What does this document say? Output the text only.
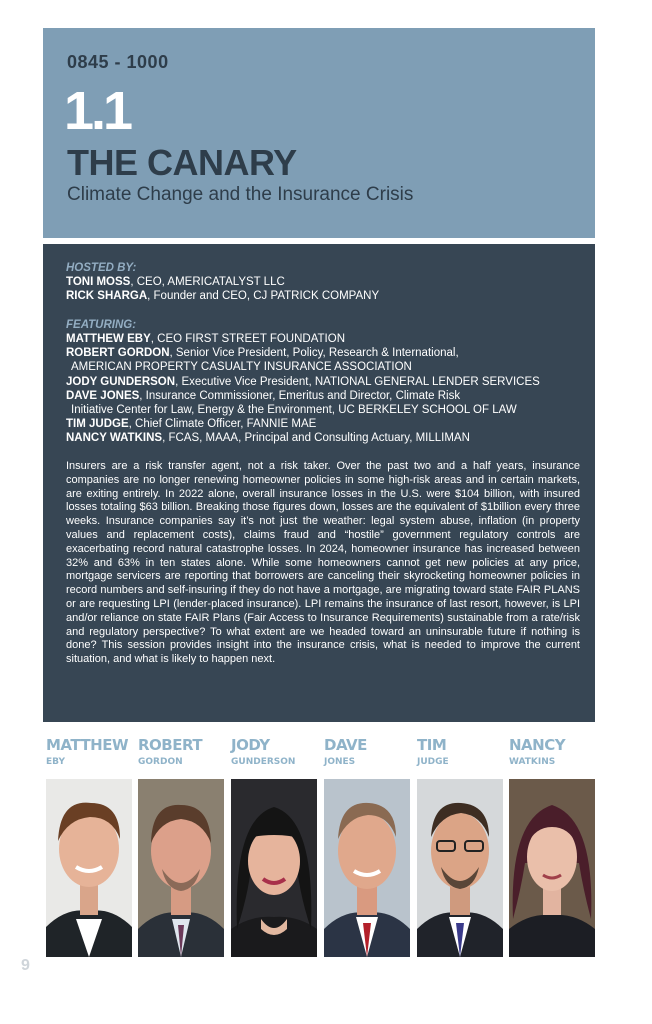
0845 - 1000
1.1
THE CANARY
Climate Change and the Insurance Crisis
HOSTED BY:
TONI MOSS, CEO, AMERICATALYST LLC
RICK SHARGA, Founder and CEO, CJ PATRICK COMPANY
FEATURING:
MATTHEW EBY, CEO FIRST STREET FOUNDATION
ROBERT GORDON, Senior Vice President, Policy, Research & International,
AMERICAN PROPERTY CASUALTY INSURANCE ASSOCIATION
JODY GUNDERSON, Executive Vice President, NATIONAL GENERAL LENDER SERVICES
DAVE JONES, Insurance Commissioner, Emeritus and Director, Climate Risk
Initiative Center for Law, Energy & the Environment, UC BERKELEY SCHOOL OF LAW
TIM JUDGE, Chief Climate Officer, FANNIE MAE
NANCY WATKINS, FCAS, MAAA, Principal and Consulting Actuary, MILLIMAN
Insurers are a risk transfer agent, not a risk taker. Over the past two and a half years, insurance companies are no longer renewing homeowner policies in some high-risk areas and in certain markets, are exiting entirely. In 2022 alone, overall insurance losses in the U.S. were $104 billion, with insured losses totaling $63 billion. Breaking those figures down, losses are the equivalent of $1billion every three weeks. Insurance companies say it’s not just the weather: legal system abuse, inflation (in property values and replacement costs), claims fraud and “hostile” government regulatory controls are exacerbating record natural catastrophe losses. In 2024, homeowner insurance has increased between 32% and 63% in ten states alone. While some homeowners cannot get new policies at any price, mortgage servicers are reporting that borrowers are canceling their skyrocketing homeowner policies in record numbers and self-insuring if they do not have a mortgage, are migrating toward state FAIR PLANS or are requesting LPI (lender-placed insurance). LPI remains the insurance of last resort, however, is LPI and/or reliance on state FAIR Plans (Fair Access to Insurance Requirements) sustainable from a rate/risk and regulatory perspective? To what extent are we headed toward an uninsurable future if nothing is done? This session provides insight into the insurance crisis, what is needed to improve the current situation, and what is likely to happen next.
MATTHEW
EBY
ROBERT
GORDON
JODY
GUNDERSON
DAVE
JONES
TIM
JUDGE
NANCY
WATKINS
9
